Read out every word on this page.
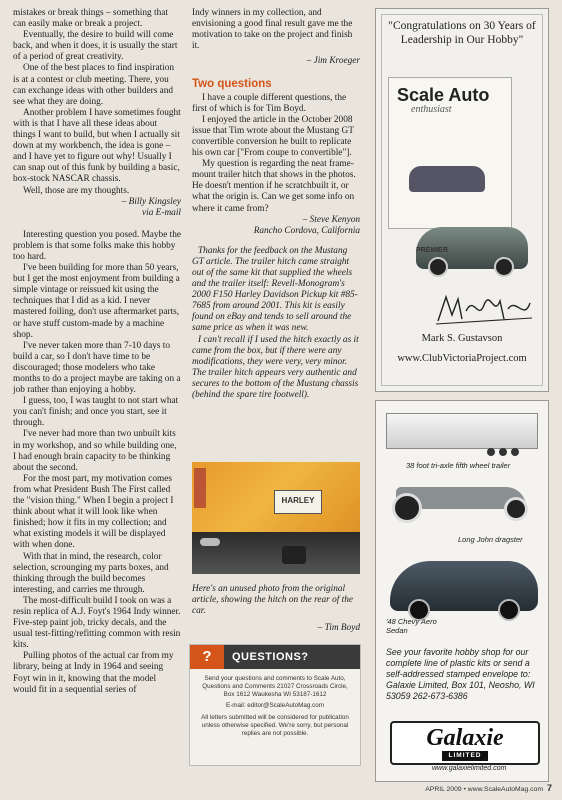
mistakes or break things – something that can easily make or break a project.

Eventually, the desire to build will come back, and when it does, it is usually the start of a period of great creativity.

One of the best places to find inspiration is at a contest or club meeting. There, you can exchange ideas with other builders and see what they are doing.

Another problem I have sometimes fought with is that I have all these ideas about things I want to build, but when I actually sit down at my workbench, the idea is gone – and I have yet to figure out why! Usually I can snap out of this funk by building a basic, box-stock NASCAR chassis.

Well, those are my thoughts.

– Billy Kingsley
via E-mail

Interesting question you posed. Maybe the problem is that some folks make this hobby too hard.

I've been building for more than 50 years, but I get the most enjoyment from building a simple vintage or reissued kit using the techniques that I did as a kid. I never mastered foiling, don't use aftermarket parts, or have stuff custom-made by a machine shop.

I've never taken more than 7-10 days to build a car, so I don't have time to be discouraged; those modelers who take months to do a project maybe are taking on a job rather than enjoying a hobby.

I guess, too, I was taught to not start what you can't finish; and once you start, see it through.

I've never had more than two unbuilt kits in my workshop, and so while building one, I had enough brain capacity to be thinking about the second.

For the most part, my motivation comes from what President Bush The First called the "vision thing." When I begin a project I think about what it will look like when finished; how it fits in my collection; and what existing models it will be displayed with when done.

With that in mind, the research, color selection, scrounging my parts boxes, and thinking through the build becomes interesting, and carries me through.

The most-difficult build I took on was a resin replica of A.J. Foyt's 1964 Indy winner. Five-step paint job, tricky decals, and the usual test-fitting/refitting common with resin kits.

Pulling photos of the actual car from my library, being at Indy in 1964 and seeing Foyt win in it, knowing that the model would fit in a sequential series of

Indy winners in my collection, and envisioning a good final result gave me the motivation to take on the project and finish it.

– Jim Kroeger
Two questions

I have a couple different questions, the first of which is for Tim Boyd.

I enjoyed the article in the October 2008 issue that Tim wrote about the Mustang GT convertible conversion he built to replicate his own car ["From coupe to convertible"].

My question is regarding the neat frame-mount trailer hitch that shows in the photos. He doesn't mention if he scratchbuilt it, or what the origin is. Can we get some info on where it came from?

– Steve Kenyon
Rancho Cordova, California

Thanks for the feedback on the Mustang GT article. The trailer hitch came straight out of the same kit that supplied the wheels and the trailer itself: Revell-Monogram's 2000 F150 Harley Davidson Pickup kit #85-7685 from around 2001. This kit is easily found on eBay and tends to sell around the same price as when it was new.

I can't recall if I used the hitch exactly as it came from the box, but if there were any modifications, they were very, very minor. The trailer hitch appears very authentic and secures to the bottom of the Mustang chassis (behind the spare tire footwell).

HARLEY
Here's an unused photo from the original article, showing the hitch on the rear of the car.
– Tim Boyd
?	QUESTIONS?

Send your questions and comments to Scale Auto, Questions and Comments 21027 Crossroads Circle, Box 1612 Waukesha WI 53187-1612

E-mail: editor@ScaleAutoMag.com

All letters submitted will be considered for publication unless otherwise specified. We're sorry, but personal replies are not possible.

"Congratulations on 30 Years of Leadership in Our Hobby"
Scale Auto
enthusiast
PREMIER
Mark S. Gustavson
www.ClubVictoriaProject.com
38 foot tri-axle fifth wheel trailer
Long John dragster
'48 Chevy Aero Sedan
See your favorite hobby shop for our complete line of plastic kits or send a self-addressed stamped envelope to: Galaxie Limited, Box 101, Neosho, WI 53059 262-673-6386
Galaxie
LIMITED
www.galaxielimited.com
APRIL 2009 • www.ScaleAutoMag.com 7
